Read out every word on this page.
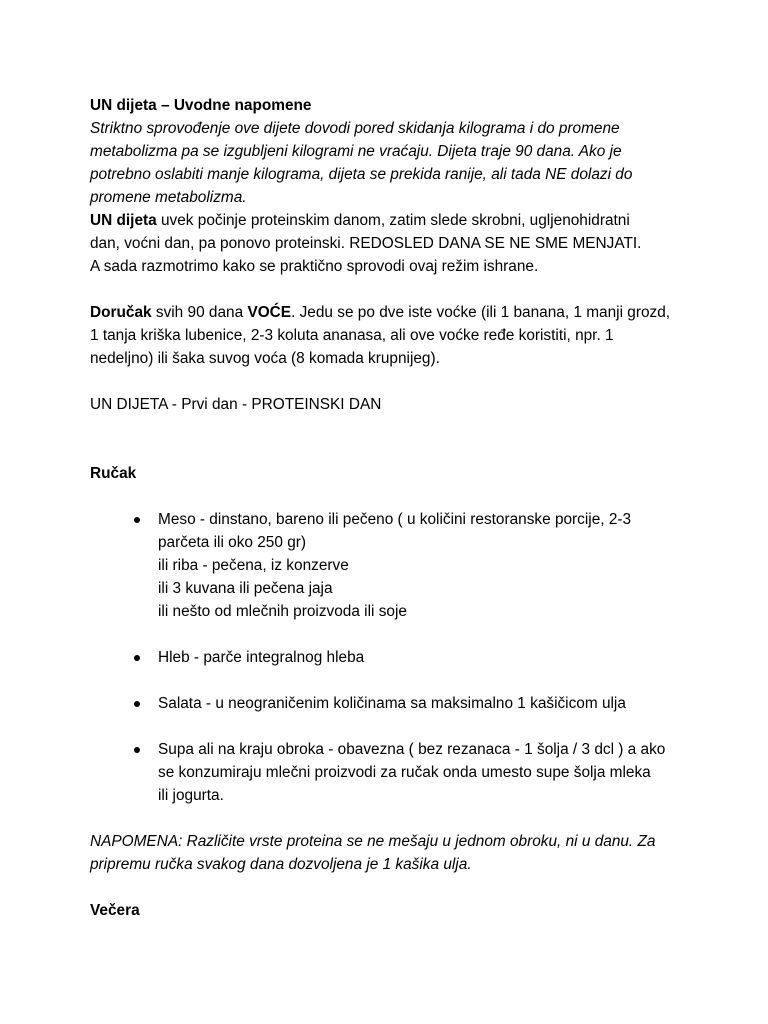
UN dijeta – Uvodne napomene

Striktno sprovođenje ove dijete dovodi pored skidanja kilograma i do promene

metabolizma pa se izgubljeni kilogrami ne vraćaju. Dijeta traje 90 dana. Ako je

potrebno oslabiti manje kilograma, dijeta se prekida ranije, ali tada NE dolazi do

promene metabolizma.

UN dijeta uvek počinje proteinskim danom, zatim slede skrobni, ugljenohidratni

dan, voćni dan, pa ponovo proteinski. REDOSLED DANA SE NE SME MENJATI.

A sada razmotrimo kako se praktično sprovodi ovaj režim ishrane.

Doručak svih 90 dana VOĆE. Jedu se po dve iste voćke (ili 1 banana, 1 manji grozd,

1 tanja kriška lubenice, 2-3 koluta ananasa, ali ove voćke ređe koristiti, npr. 1

nedeljno) ili šaka suvog voća (8 komada krupnijeg).

UN DIJETA - Prvi dan - PROTEINSKI DAN

Ručak

Meso - dinstano, bareno ili pečeno ( u količini restoranske porcije, 2-3
parčeta ili oko 250 gr)
ili riba - pečena, iz konzerve
ili 3 kuvana ili pečena jaja
ili nešto od mlečnih proizvoda ili soje
Hleb - parče integralnog hleba
Salata - u neograničenim količinama sa maksimalno 1 kašičicom ulja
Supa ali na kraju obroka - obavezna ( bez rezanaca - 1 šolja / 3 dcl ) a ako
se konzumiraju mlečni proizvodi za ručak onda umesto supe šolja mleka
ili jogurta.

NAPOMENA: Različite vrste proteina se ne mešaju u jednom obroku, ni u danu. Za

pripremu ručka svakog dana dozvoljena je 1 kašika ulja.

Večera
